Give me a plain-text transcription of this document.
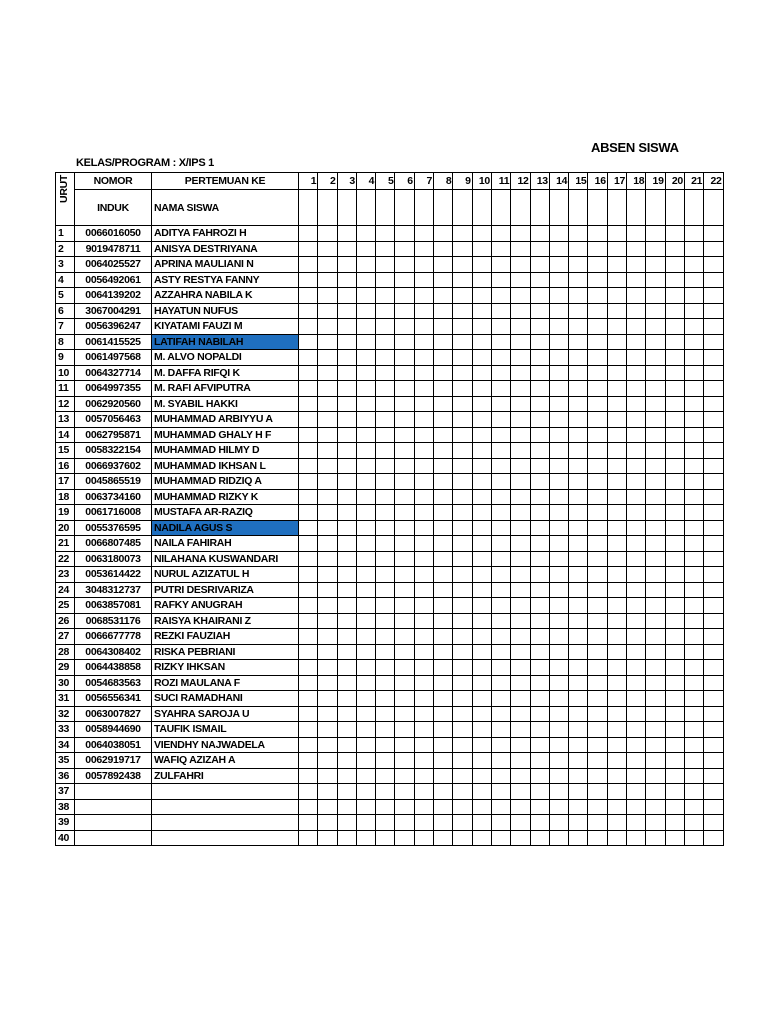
ABSEN SISWA
KELAS/PROGRAM : X/IPS 1
URUT	NOMOR	PERTEMUAN KE	1	2	3	4	5	6	7	8	9	10	11	12	13	14	15	16	17	18	19	20	21	22
	INDUK	NAMA SISWA																						
1	0066016050	ADITYA FAHROZI H																						
2	9019478711	ANISYA DESTRIYANA																						
3	0064025527	APRINA MAULIANI N																						
4	0056492061	ASTY RESTYA FANNY																						
5	0064139202	AZZAHRA NABILA K																						
6	3067004291	HAYATUN NUFUS																						
7	0056396247	KIYATAMI FAUZI M																						
8	0061415525	LATIFAH NABILAH																						
9	0061497568	M. ALVO NOPALDI																						
10	0064327714	M. DAFFA RIFQI K																						
11	0064997355	M. RAFI AFVIPUTRA																						
12	0062920560	M. SYABIL HAKKI																						
13	0057056463	MUHAMMAD ARBIYYU A																						
14	0062795871	MUHAMMAD GHALY H F																						
15	0058322154	MUHAMMAD HILMY D																						
16	0066937602	MUHAMMAD IKHSAN L																						
17	0045865519	MUHAMMAD RIDZIQ A																						
18	0063734160	MUHAMMAD RIZKY K																						
19	0061716008	MUSTAFA AR-RAZIQ																						
20	0055376595	NADILA AGUS S																						
21	0066807485	NAILA FAHIRAH																						
22	0063180073	NILAHANA KUSWANDARI																						
23	0053614422	NURUL AZIZATUL H																						
24	3048312737	PUTRI DESRIVARIZA																						
25	0063857081	RAFKY ANUGRAH																						
26	0068531176	RAISYA KHAIRANI Z																						
27	0066677778	REZKI FAUZIAH																						
28	0064308402	RISKA PEBRIANI																						
29	0064438858	RIZKY IHKSAN																						
30	0054683563	ROZI MAULANA F																						
31	0056556341	SUCI RAMADHANI																						
32	0063007827	SYAHRA SAROJA U																						
33	0058944690	TAUFIK ISMAIL																						
34	0064038051	VIENDHY NAJWADELA																						
35	0062919717	WAFIQ AZIZAH A																						
36	0057892438	ZULFAHRI																						
37																								
38																								
39																								
40																								
